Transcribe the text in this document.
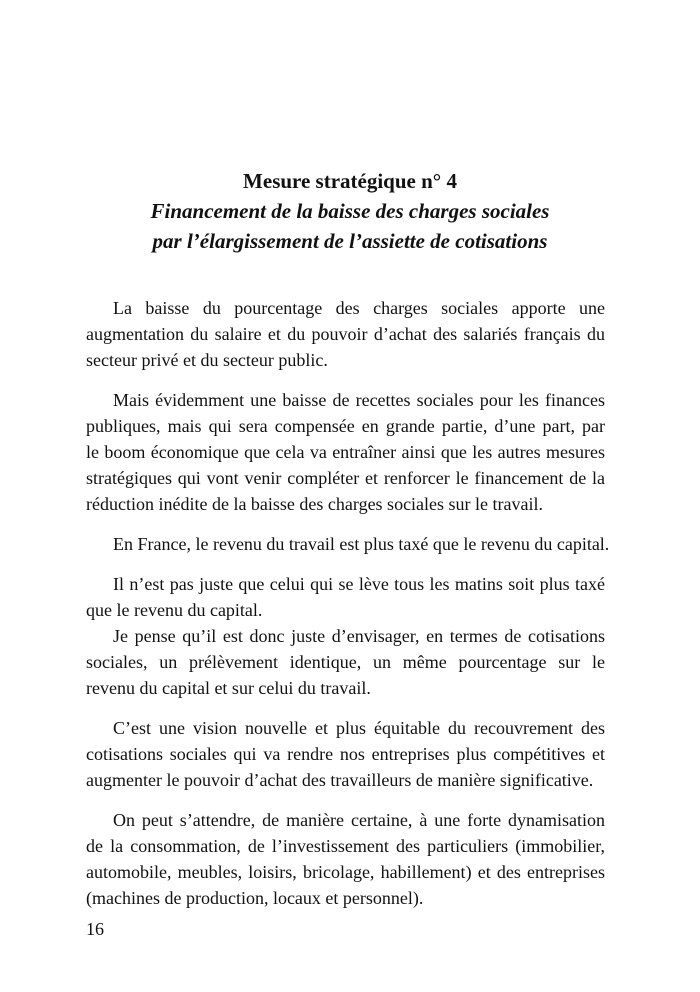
Mesure stratégique n° 4
Financement de la baisse des charges sociales
par l’élargissement de l’assiette de cotisations
La baisse du pourcentage des charges sociales apporte une
augmentation du salaire et du pouvoir d’achat des salariés français du
secteur privé et du secteur public.
Mais évidemment une baisse de recettes sociales pour les finances
publiques, mais qui sera compensée en grande partie, d’une part, par
le boom économique que cela va entraîner ainsi que les autres mesures
stratégiques qui vont venir compléter et renforcer le financement de la
réduction inédite de la baisse des charges sociales sur le travail.
En France, le revenu du travail est plus taxé que le revenu du capital.
Il n’est pas juste que celui qui se lève tous les matins soit plus taxé
que le revenu du capital.
Je pense qu’il est donc juste d’envisager, en termes de cotisations
sociales, un prélèvement identique, un même pourcentage sur le
revenu du capital et sur celui du travail.
C’est une vision nouvelle et plus équitable du recouvrement des
cotisations sociales qui va rendre nos entreprises plus compétitives et
augmenter le pouvoir d’achat des travailleurs de manière significative.
On peut s’attendre, de manière certaine, à une forte dynamisation
de la consommation, de l’investissement des particuliers (immobilier,
automobile, meubles, loisirs, bricolage, habillement) et des entreprises
(machines de production, locaux et personnel).
16
